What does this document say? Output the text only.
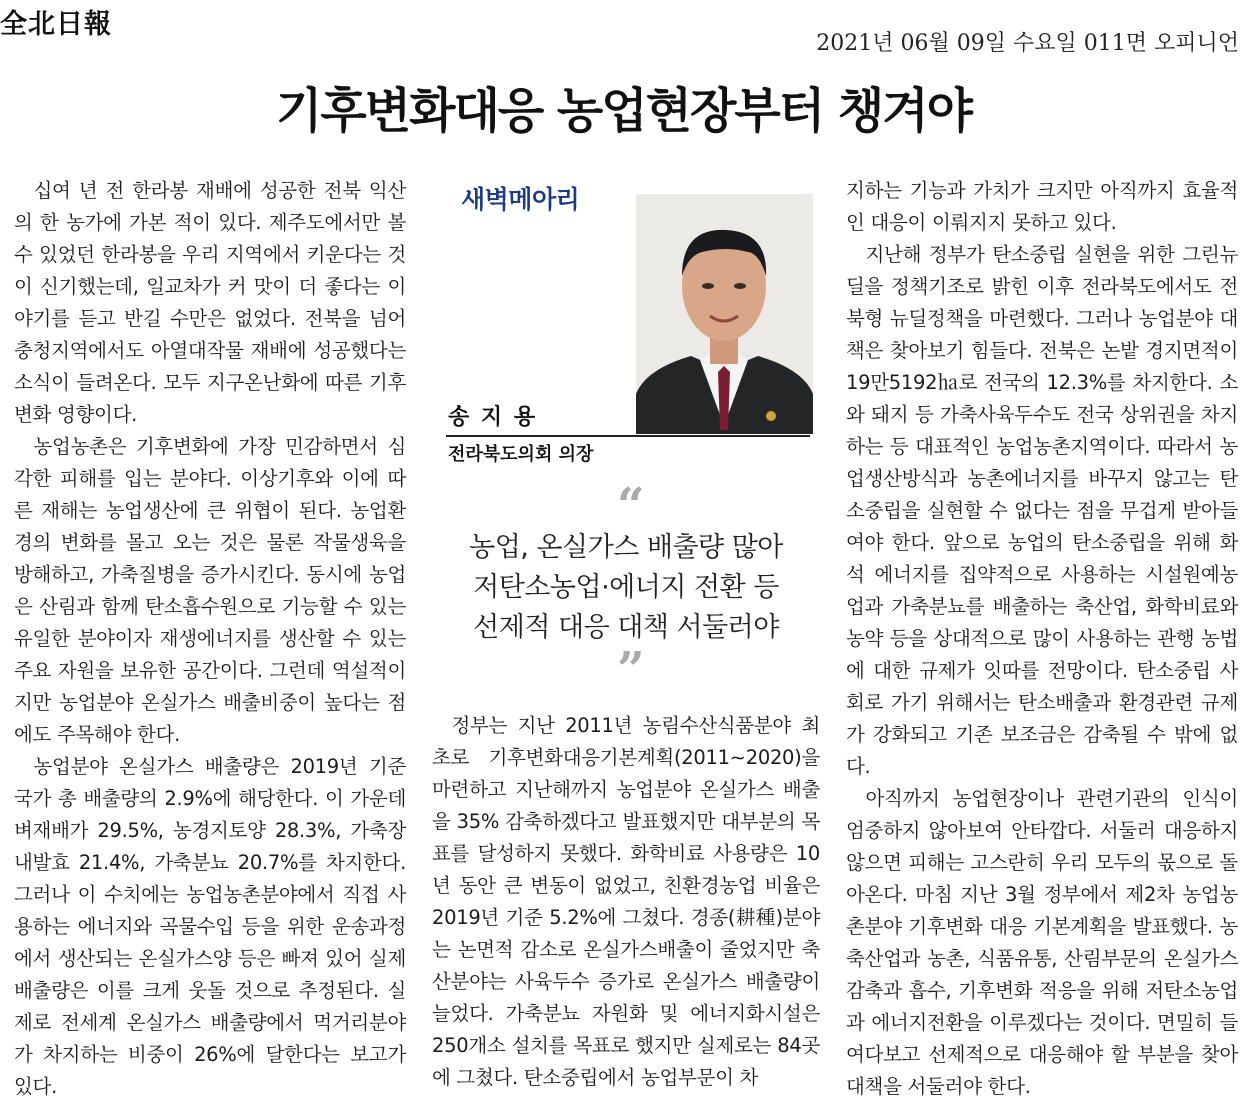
全北日報
2021년 06월 09일 수요일 011면 오피니언
기후변화대응 농업현장부터 챙겨야

십여 년 전 한라봉 재배에 성공한 전북 익산의 한 농가에 가본 적이 있다. 제주도에서만 볼 수 있었던 한라봉을 우리 지역에서 키운다는 것이 신기했는데, 일교차가 커 맛이 더 좋다는 이야기를 듣고 반길 수만은 없었다. 전북을 넘어 충청지역에서도 아열대작물 재배에 성공했다는 소식이 들려온다. 모두 지구온난화에 따른 기후변화 영향이다.

농업농촌은 기후변화에 가장 민감하면서 심각한 피해를 입는 분야다. 이상기후와 이에 따른 재해는 농업생산에 큰 위협이 된다. 농업환경의 변화를 몰고 오는 것은 물론 작물생육을 방해하고, 가축질병을 증가시킨다. 동시에 농업은 산림과 함께 탄소흡수원으로 기능할 수 있는 유일한 분야이자 재생에너지를 생산할 수 있는 주요 자원을 보유한 공간이다. 그런데 역설적이지만 농업분야 온실가스 배출비중이 높다는 점에도 주목해야 한다.

농업분야 온실가스 배출량은 2019년 기준 국가 총 배출량의 2.9%에 해당한다. 이 가운데 벼재배가 29.5%, 농경지토양 28.3%, 가축장내발효 21.4%, 가축분뇨 20.7%를 차지한다. 그러나 이 수치에는 농업농촌분야에서 직접 사용하는 에너지와 곡물수입 등을 위한 운송과정에서 생산되는 온실가스양 등은 빠져 있어 실제 배출량은 이를 크게 웃돌 것으로 추정된다. 실제로 전세계 온실가스 배출량에서 먹거리분야가 차지하는 비중이 26%에 달한다는 보고가 있다.

새벽메아리
송 지 용
전라북도의회 의장
“
농업, 온실가스 배출량 많아
저탄소농업·에너지 전환 등
선제적 대응 대책 서둘러야
”

정부는 지난 2011년 농림수산식품분야 최초로 기후변화대응기본계획(2011∼2020)을 마련하고 지난해까지 농업분야 온실가스 배출을 35% 감축하겠다고 발표했지만 대부분의 목표를 달성하지 못했다. 화학비료 사용량은 10년 동안 큰 변동이 없었고, 친환경농업 비율은 2019년 기준 5.2%에 그쳤다. 경종(耕種)분야는 논면적 감소로 온실가스배출이 줄었지만 축산분야는 사육두수 증가로 온실가스 배출량이 늘었다. 가축분뇨 자원화 및 에너지화시설은 250개소 설치를 목표로 했지만 실제로는 84곳에 그쳤다. 탄소중립에서 농업부문이 차

지하는 기능과 가치가 크지만 아직까지 효율적인 대응이 이뤄지지 못하고 있다.

지난해 정부가 탄소중립 실현을 위한 그린뉴딜을 정책기조로 밝힌 이후 전라북도에서도 전북형 뉴딜정책을 마련했다. 그러나 농업분야 대책은 찾아보기 힘들다. 전북은 논밭 경지면적이 19만5192㏊로 전국의 12.3%를 차지한다. 소와 돼지 등 가축사육두수도 전국 상위권을 차지하는 등 대표적인 농업농촌지역이다. 따라서 농업생산방식과 농촌에너지를 바꾸지 않고는 탄소중립을 실현할 수 없다는 점을 무겁게 받아들여야 한다. 앞으로 농업의 탄소중립을 위해 화석 에너지를 집약적으로 사용하는 시설원예농업과 가축분뇨를 배출하는 축산업, 화학비료와 농약 등을 상대적으로 많이 사용하는 관행 농법에 대한 규제가 잇따를 전망이다. 탄소중립 사회로 가기 위해서는 탄소배출과 환경관련 규제가 강화되고 기존 보조금은 감축될 수 밖에 없다.

아직까지 농업현장이나 관련기관의 인식이 엄중하지 않아보여 안타깝다. 서둘러 대응하지 않으면 피해는 고스란히 우리 모두의 몫으로 돌아온다. 마침 지난 3월 정부에서 제2차 농업농촌분야 기후변화 대응 기본계획을 발표했다. 농축산업과 농촌, 식품유통, 산림부문의 온실가스 감축과 흡수, 기후변화 적응을 위해 저탄소농업과 에너지전환을 이루겠다는 것이다. 면밀히 들여다보고 선제적으로 대응해야 할 부분을 찾아 대책을 서둘러야 한다.
